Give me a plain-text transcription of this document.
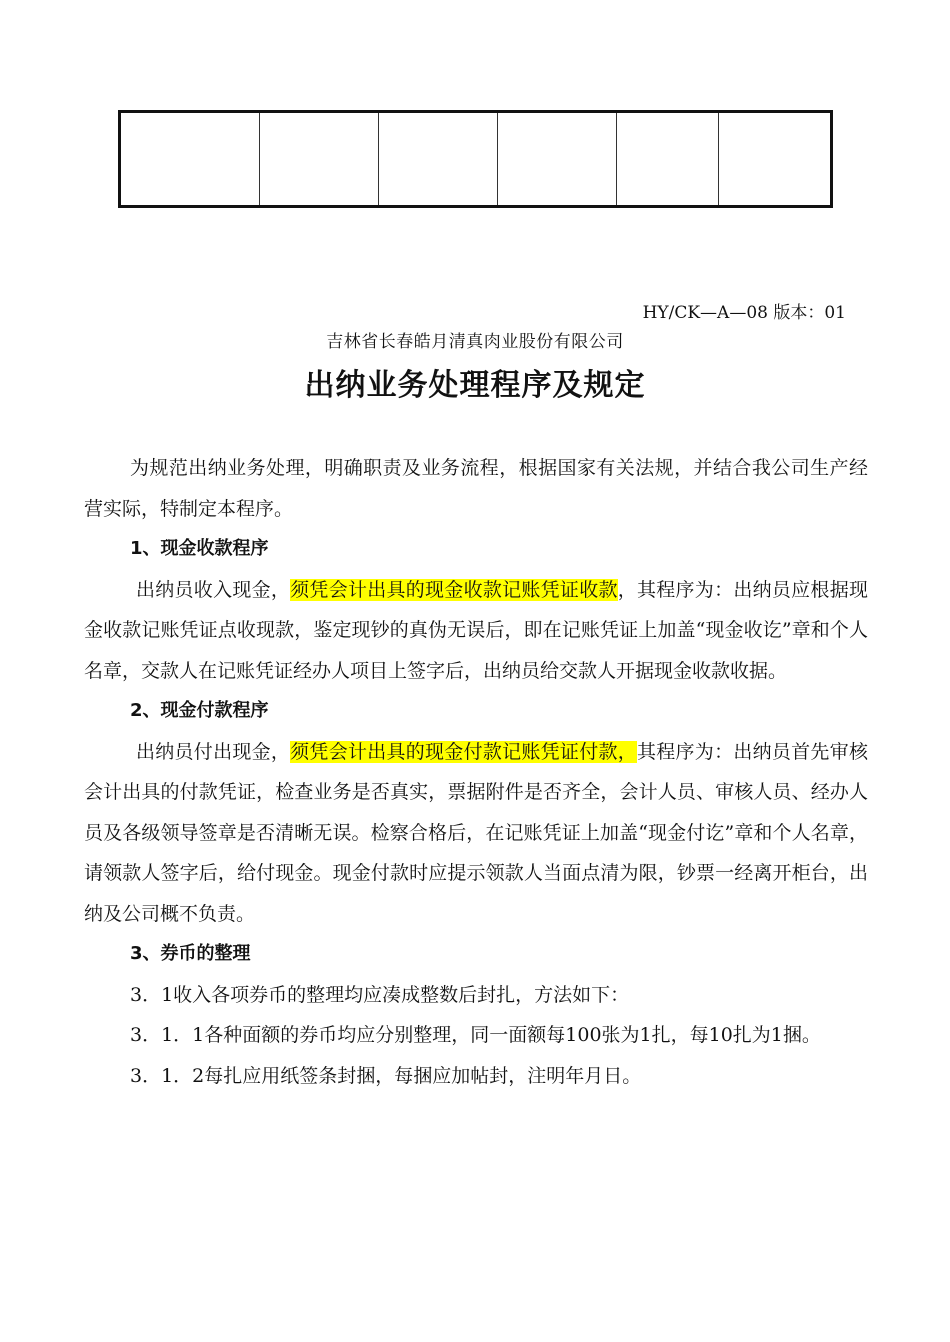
HY/CK—A—08 版本：01
吉林省长春皓月清真肉业股份有限公司
出纳业务处理程序及规定

为规范出纳业务处理，明确职责及业务流程，根据国家有关法规，并结合我公司生产经营实际，特制定本程序。

1、现金收款程序

出纳员收入现金，须凭会计出具的现金收款记账凭证收款，其程序为：出纳员应根据现金收款记账凭证点收现款，鉴定现钞的真伪无误后，即在记账凭证上加盖“现金收讫”章和个人名章，交款人在记账凭证经办人项目上签字后，出纳员给交款人开据现金收款收据。

2、现金付款程序

出纳员付出现金，须凭会计出具的现金付款记账凭证付款，其程序为：出纳员首先审核会计出具的付款凭证，检查业务是否真实，票据附件是否齐全，会计人员、审核人员、经办人员及各级领导签章是否清晰无误。检察合格后，在记账凭证上加盖“现金付讫”章和个人名章，请领款人签字后，给付现金。现金付款时应提示领款人当面点清为限，钞票一经离开柜台，出纳及公司概不负责。

3、券币的整理

3．1收入各项券币的整理均应凑成整数后封扎，方法如下：

3．1．1各种面额的券币均应分别整理，同一面额每100张为1扎，每10扎为1捆。

3．1．2每扎应用纸签条封捆，每捆应加帖封，注明年月日。
